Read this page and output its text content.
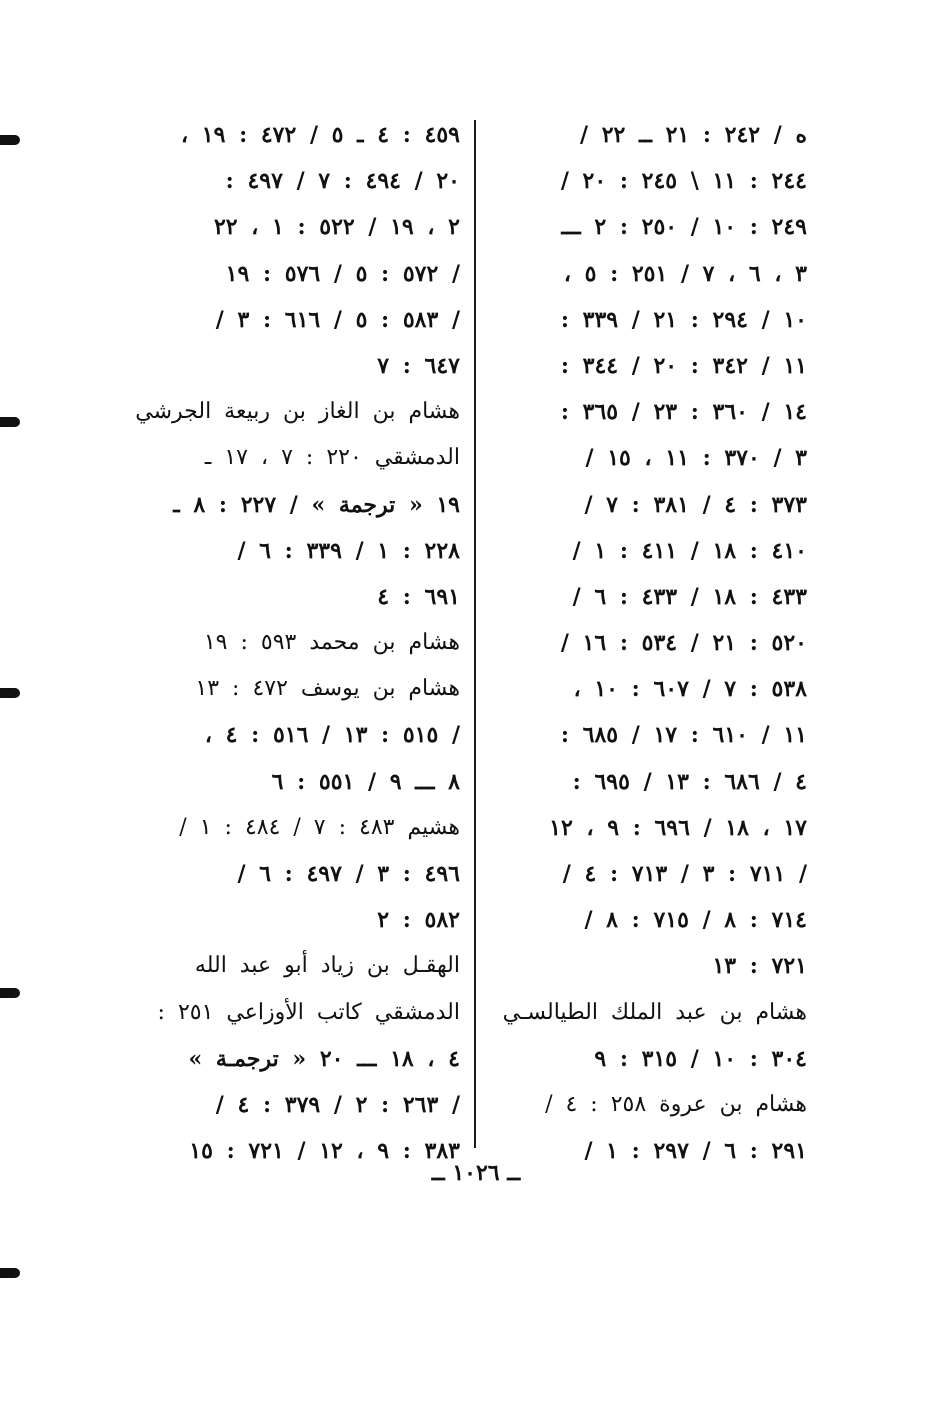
ه / ٢٤٢ : ٢١ ــ ٢٢ /
٢٤٤ : ١١ \ ٢٤٥ : ٢٠ /
٢٤٩ : ١٠ / ٢٥٠ : ٢ ـــ
٣ ، ٦ ، ٧ / ٢٥١ : ٥ ،
١٠ / ٢٩٤ : ٢١ / ٣٣٩ :
١١ / ٣٤٢ : ٢٠ / ٣٤٤ :
١٤ / ٣٦٠ : ٢٣ / ٣٦٥ :
٣ / ٣٧٠ : ١١ ، ١٥ /
٣٧٣ : ٤ / ٣٨١ : ٧ /
٤١٠ : ١٨ / ٤١١ : ١ /
٤٣٣ : ١٨ / ٤٣٣ : ٦ /
٥٢٠ : ٢١ / ٥٣٤ : ١٦ /
٥٣٨ : ٧ / ٦٠٧ : ١٠ ،
١١ / ٦١٠ : ١٧ / ٦٨٥ :
٤ / ٦٨٦ : ١٣ / ٦٩٥ :
١٧ ، ١٨ / ٦٩٦ : ٩ ، ١٢
/ ٧١١ : ٣ / ٧١٣ : ٤ /
٧١٤ : ٨ / ٧١٥ : ٨ /
٧٢١ : ١٣
هشام بن عبد الملك الطيالسـي
٣٠٤ : ١٠ / ٣١٥ : ٩
هشام بن عروة ٢٥٨ : ٤ /
٢٩١ : ٦ / ٢٩٧ : ١ /
٤٥٩ : ٤ ـ ٥ / ٤٧٢ : ١٩ ،
٢٠ / ٤٩٤ : ٧ / ٤٩٧ :
٢ ، ١٩ / ٥٢٢ : ١ ، ٢٢
/ ٥٧٢ : ٥ / ٥٧٦ : ١٩
/ ٥٨٣ : ٥ / ٦١٦ : ٣ /
٦٤٧ : ٧
هشام بن الغاز بن ربيعة الجرشي
الدمشقي ٢٢٠ : ٧ ، ١٧ ـ
١٩ « ترجمة » / ٢٢٧ : ٨ ـ
٢٢٨ : ١ / ٣٣٩ : ٦ /
٦٩١ : ٤
هشام بن محمد ٥٩٣ : ١٩
هشام بن يوسف ٤٧٢ : ١٣
/ ٥١٥ : ١٣ / ٥١٦ : ٤ ،
٨ ـــ ٩ / ٥٥١ : ٦
هشيم ٤٨٣ : ٧ / ٤٨٤ : ١ /
٤٩٦ : ٣ / ٤٩٧ : ٦ /
٥٨٢ : ٢
الهقـل بن زياد أبو عبد الله
الدمشقي كاتب الأوزاعي ٢٥١ :
٤ ، ١٨ ـــ ٢٠ « ترجمـة »
/ ٢٦٣ : ٢ / ٣٧٩ : ٤ /
٣٨٣ : ٩ ، ١٢ / ٧٢١ : ١٥
ــ ١٠٢٦ ــ
